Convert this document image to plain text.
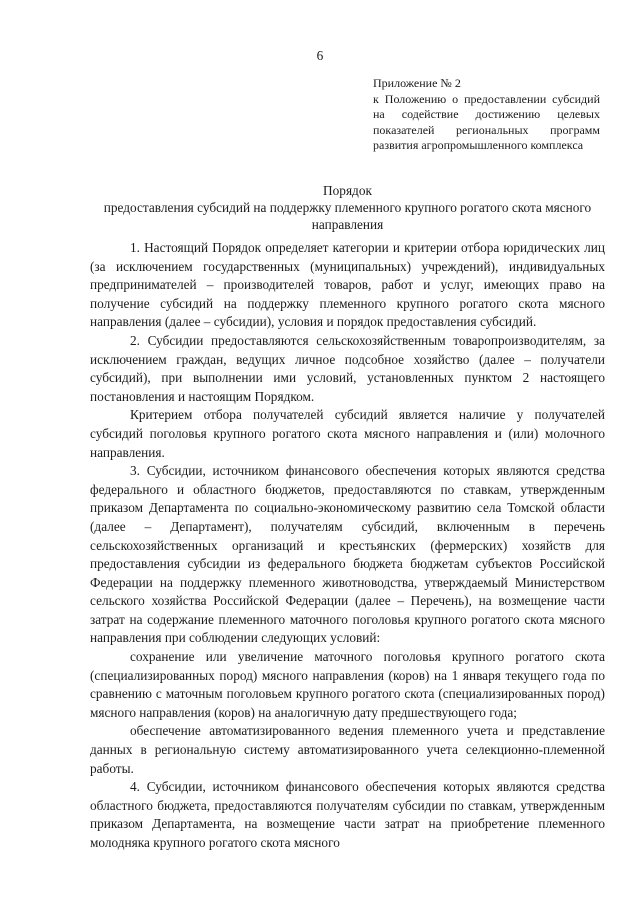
6
Приложение № 2
к Положению о предоставлении субсидий на содействие достижению целевых показателей региональных программ развития агропромышленного комплекса
Порядок
предоставления субсидий на поддержку племенного крупного рогатого скота мясного направления

1. Настоящий Порядок определяет категории и критерии отбора юридических лиц (за исключением государственных (муниципальных) учреждений), индивидуальных предпринимателей – производителей товаров, работ и услуг, имеющих право на получение субсидий на поддержку племенного крупного рогатого скота мясного направления (далее – субсидии), условия и порядок предоставления субсидий.

2. Субсидии предоставляются сельскохозяйственным товаропроизводителям, за исключением граждан, ведущих личное подсобное хозяйство (далее – получатели субсидий), при выполнении ими условий, установленных пунктом 2 настоящего постановления и настоящим Порядком.

Критерием отбора получателей субсидий является наличие у получателей субсидий поголовья крупного рогатого скота мясного направления и (или) молочного направления.

3. Субсидии, источником финансового обеспечения которых являются средства федерального и областного бюджетов, предоставляются по ставкам, утвержденным приказом Департамента по социально-экономическому развитию села Томской области (далее – Департамент), получателям субсидий, включенным в перечень сельскохозяйственных организаций и крестьянских (фермерских) хозяйств для предоставления субсидии из федерального бюджета бюджетам субъектов Российской Федерации на поддержку племенного животноводства, утверждаемый Министерством сельского хозяйства Российской Федерации (далее – Перечень), на возмещение части затрат на содержание племенного маточного поголовья крупного рогатого скота мясного направления при соблюдении следующих условий:

сохранение или увеличение маточного поголовья крупного рогатого скота (специализированных пород) мясного направления (коров) на 1 января текущего года по сравнению с маточным поголовьем крупного рогатого скота (специализированных пород) мясного направления (коров) на аналогичную дату предшествующего года;

обеспечение автоматизированного ведения племенного учета и представление данных в региональную систему автоматизированного учета селекционно-племенной работы.

4. Субсидии, источником финансового обеспечения которых являются средства областного бюджета, предоставляются получателям субсидии по ставкам, утвержденным приказом Департамента, на возмещение части затрат на приобретение племенного молодняка крупного рогатого скота мясного
